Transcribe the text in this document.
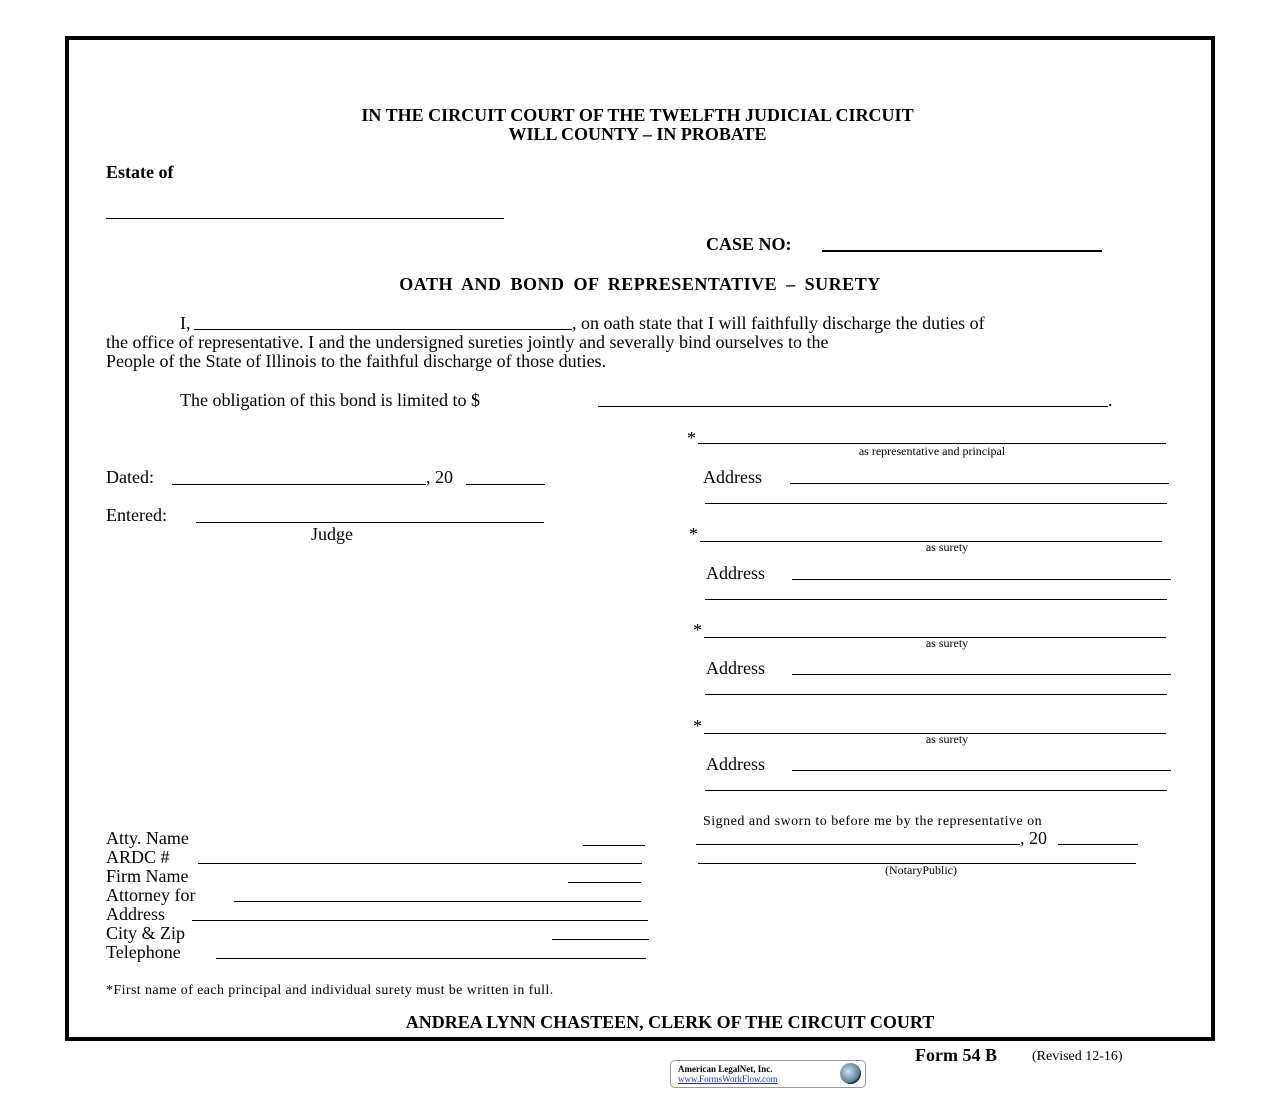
IN THE CIRCUIT COURT OF THE TWELFTH JUDICIAL CIRCUIT
WILL COUNTY – IN PROBATE
Estate of
CASE NO:
OATH AND BOND OF REPRESENTATIVE – SURETY
I,	, on oath state that I will faithfully discharge the duties of
the office of representative. I and the undersigned sureties jointly and severally bind ourselves to the
People of the State of Illinois to the faithful discharge of those duties.
The obligation of this bond is limited to $	.
Dated:	, 20
Entered:
Judge
*
as representative and principal
Address
*
as surety
Address
*
as surety
Address
*
as surety
Address
Signed and sworn to before me by the representative on
, 20
(NotaryPublic)
Atty. Name
ARDC #
Firm Name
Attorney for
Address
City & Zip
Telephone
*First name of each principal and individual surety must be written in full.
ANDREA LYNN CHASTEEN, CLERK OF THE CIRCUIT COURT
Form 54 B	(Revised 12-16)
American LegalNet, Inc.
www.FormsWorkFlow.com
